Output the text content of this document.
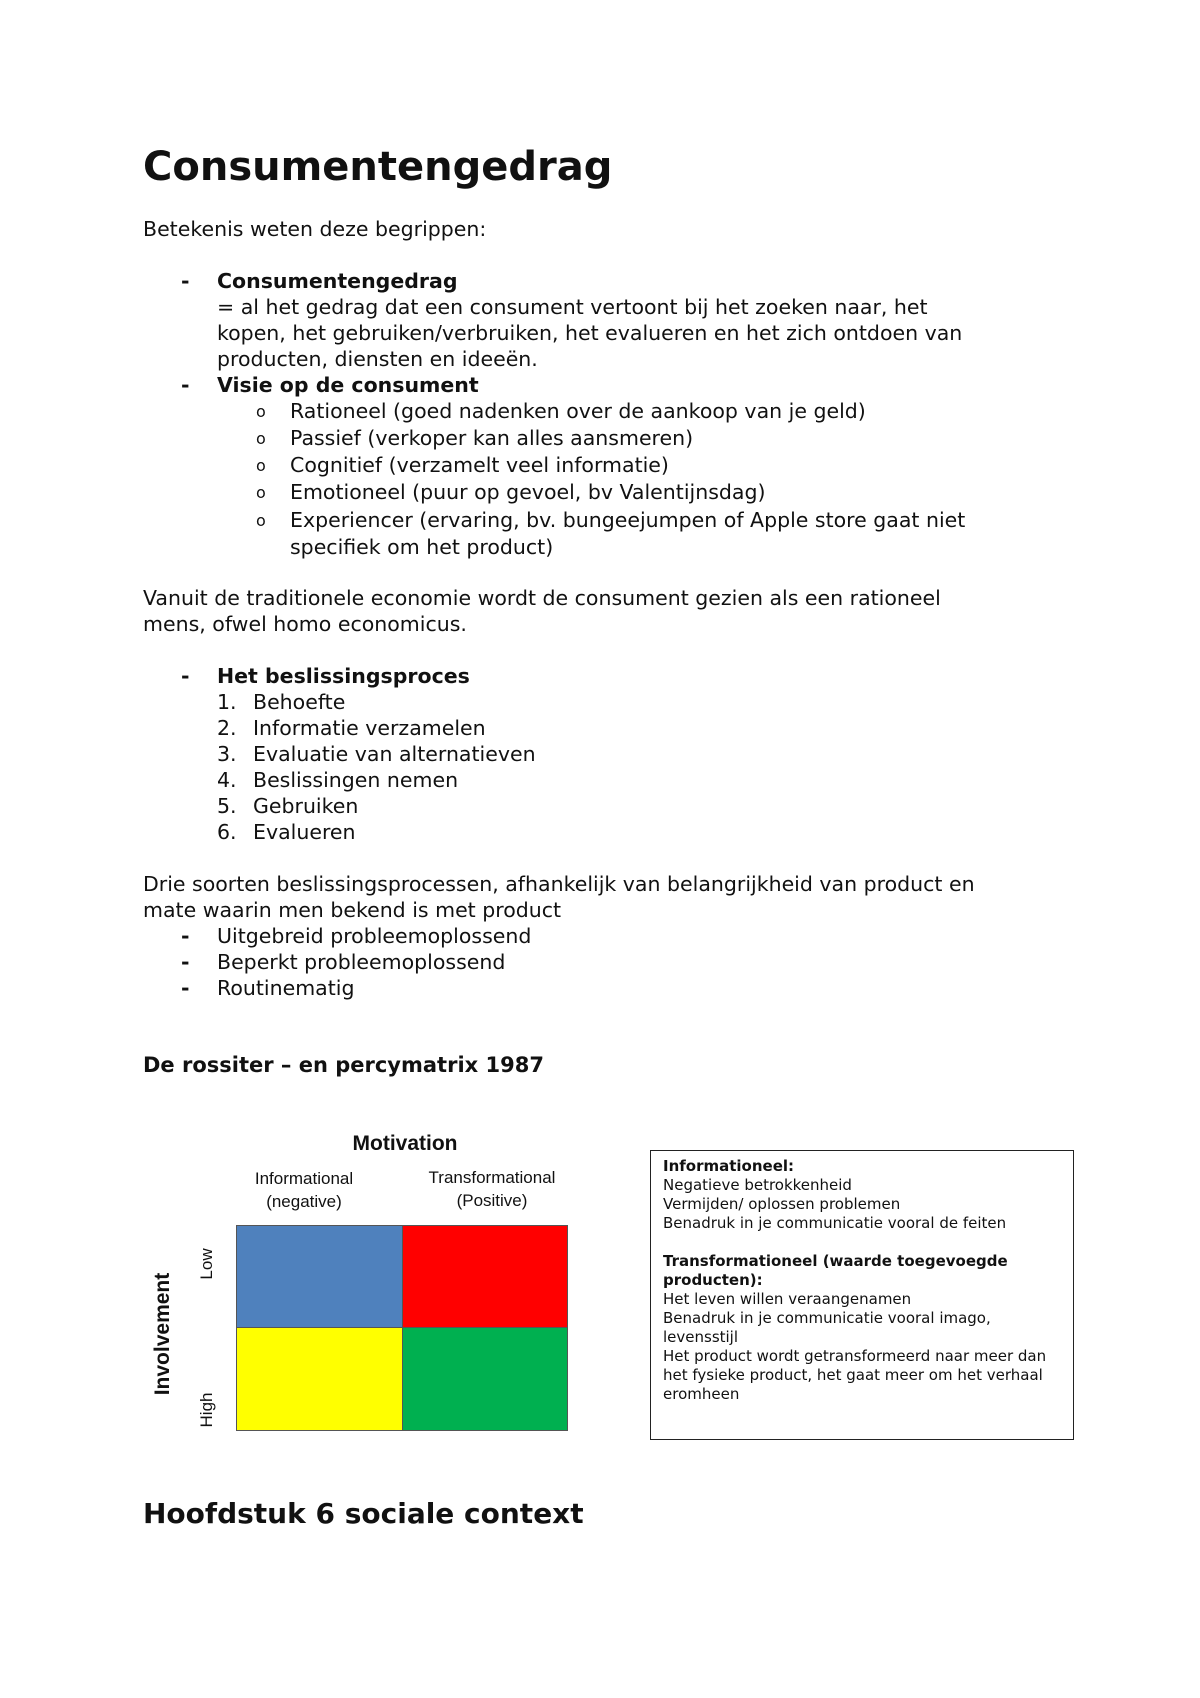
Consumentengedrag
Betekenis weten deze begrippen:
- Consumentengedrag
= al het gedrag dat een consument vertoont bij het zoeken naar, het
kopen, het gebruiken/verbruiken, het evalueren en het zich ontdoen van
producten, diensten en ideeën.
- Visie op de consument
o Rationeel (goed nadenken over de aankoop van je geld)
o Passief (verkoper kan alles aansmeren)
o Cognitief (verzamelt veel informatie)
o Emotioneel (puur op gevoel, bv Valentijnsdag)
o Experiencer (ervaring, bv. bungeejumpen of Apple store gaat niet
specifiek om het product)
Vanuit de traditionele economie wordt de consument gezien als een rationeel
mens, ofwel homo economicus.
- Het beslissingsproces
1. Behoefte
2. Informatie verzamelen
3. Evaluatie van alternatieven
4. Beslissingen nemen
5. Gebruiken
6. Evalueren
Drie soorten beslissingsprocessen, afhankelijk van belangrijkheid van product en
mate waarin men bekend is met product
- Uitgebreid probleemoplossend
- Beperkt probleemoplossend
- Routinematig
De rossiter – en percymatrix 1987
Motivation
Informational
(negative)
Transformational
(Positive)
Involvement
Low
High
Informationeel:
Negatieve betrokkenheid
Vermijden/ oplossen problemen
Benadruk in je communicatie vooral de feiten
Transformationeel (waarde toegevoegde producten):
Het leven willen veraangenamen
Benadruk in je communicatie vooral imago, levensstijl
Het product wordt getransformeerd naar meer dan het fysieke product, het gaat meer om het verhaal eromheen
Hoofdstuk 6 sociale context
